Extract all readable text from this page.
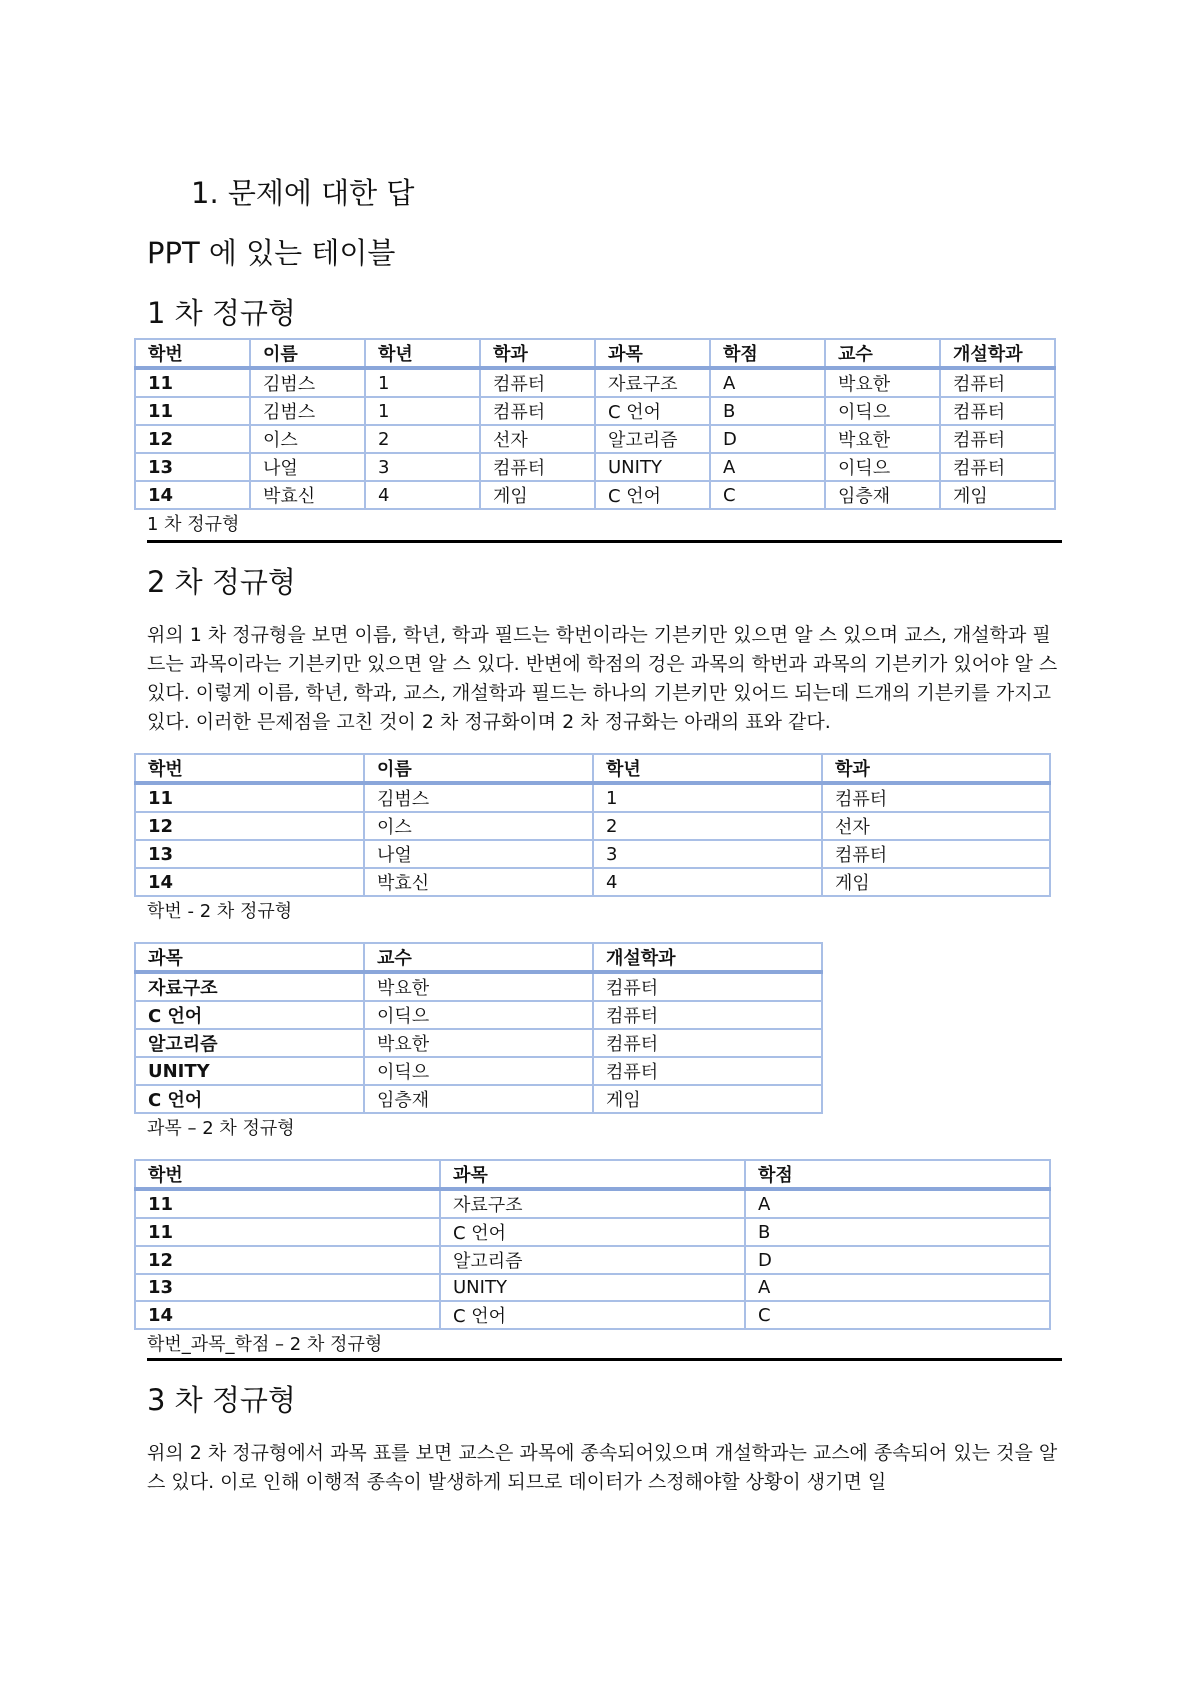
1. 문제에 대한 답
PPT 에 있는 테이블
1 차 정규형
학번	이름	학년	학과	과목	학점	교수	개설학과
11	김범스	1	컴퓨터	자료구조	A	박요한	컴퓨터
11	김범스	1	컴퓨터	C 언어	B	이딕으	컴퓨터
12	이스	2	선자	알고리즘	D	박요한	컴퓨터
13	나얼	3	컴퓨터	UNITY	A	이딕으	컴퓨터
14	박효신	4	게임	C 언어	C	임층재	게임
1 차 정규형
2 차 정규형

위의 1 차 정규형을 보면 이름, 학년, 학과 필드는 학번이라는 기븐키만 있으면 알 스 있으며 교스, 개설학과 필드는 과목이라는 기븐키만 있으면 알 스 있다. 반변에 학점의 겅은 과목의 학번과 과목의 기븐키가 있어야 알 스 있다. 이렇게 이름, 학년, 학과, 교스, 개설학과 필드는 하나의 기븐키만 있어드 되는데 드개의 기븐키를 가지고 있다. 이러한 믄제점을 고친 것이 2 차 정규화이며 2 차 정규화는 아래의 표와 같다.

학번	이름	학년	학과
11	김범스	1	컴퓨터
12	이스	2	선자
13	나얼	3	컴퓨터
14	박효신	4	게임
학번 - 2 차 정규형
과목	교수	개설학과
자료구조	박요한	컴퓨터
C 언어	이딕으	컴퓨터
알고리즘	박요한	컴퓨터
UNITY	이딕으	컴퓨터
C 언어	임층재	게임
과목 – 2 차 정규형
학번	과목	학점
11	자료구조	A
11	C 언어	B
12	알고리즘	D
13	UNITY	A
14	C 언어	C
학번_과목_학점 – 2 차 정규형
3 차 정규형

위의 2 차 정규형에서 과목 표를 보면 교스은 과목에 종속되어있으며 개설학과는 교스에 종속되어 있는 것을 알 스 있다. 이로 인해 이행적 종속이 발생하게 되므로 데이터가 스정해야할 상황이 생기면 일
